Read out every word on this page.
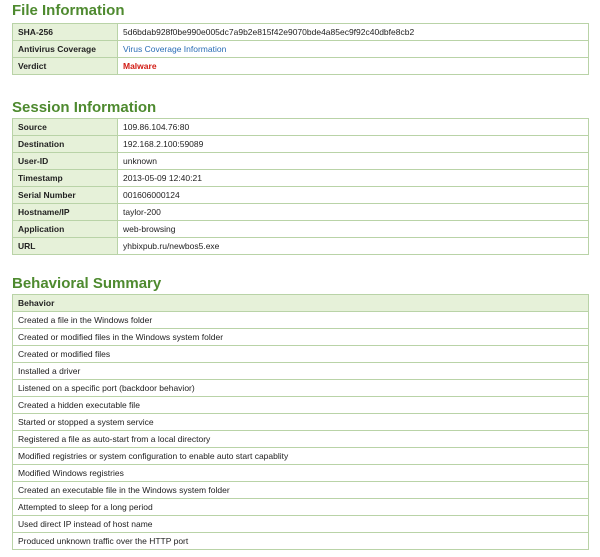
File Information
SHA-256	5d6bdab928f0be990e005dc7a9b2e815f42e9070bde4a85ec9f92c40dbfe8cb2
Antivirus Coverage	Virus Coverage Information
Verdict	Malware
Session Information
Source	109.86.104.76:80
Destination	192.168.2.100:59089
User-ID	unknown
Timestamp	2013-05-09 12:40:21
Serial Number	001606000124
Hostname/IP	taylor-200
Application	web-browsing
URL	yhbixpub.ru/newbos5.exe
Behavioral Summary
Behavior
Created a file in the Windows folder
Created or modified files in the Windows system folder
Created or modified files
Installed a driver
Listened on a specific port (backdoor behavior)
Created a hidden executable file
Started or stopped a system service
Registered a file as auto-start from a local directory
Modified registries or system configuration to enable auto start capablity
Modified Windows registries
Created an executable file in the Windows system folder
Attempted to sleep for a long period
Used direct IP instead of host name
Produced unknown traffic over the HTTP port
